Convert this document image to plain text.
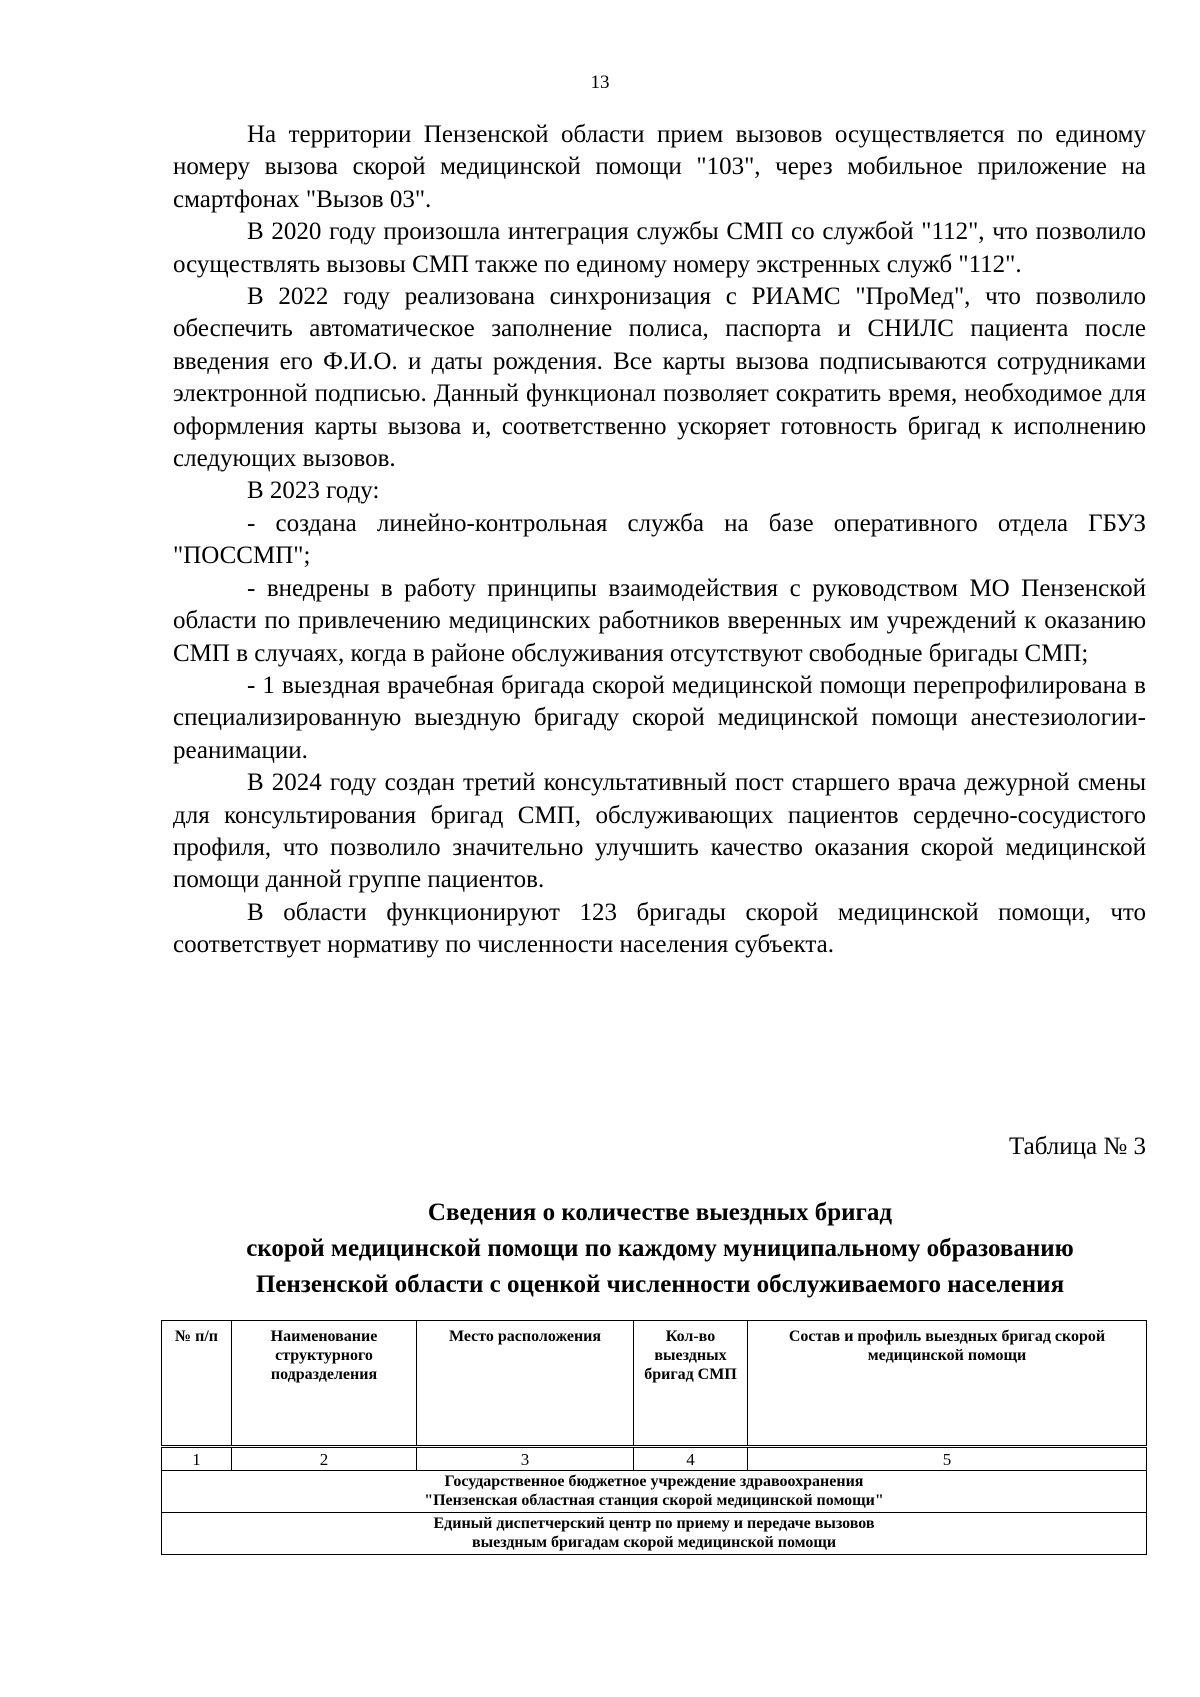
13

На территории Пензенской области прием вызовов осуществляется по единому номеру вызова скорой медицинской помощи "103", через мобильное приложение на смартфонах "Вызов 03".

В 2020 году произошла интеграция службы СМП со службой "112", что позволило осуществлять вызовы СМП также по единому номеру экстренных служб "112".

В 2022 году реализована синхронизация с РИАМС "ПроМед", что позволило обеспечить автоматическое заполнение полиса, паспорта и СНИЛС пациента после введения его Ф.И.О. и даты рождения. Все карты вызова подписываются сотрудниками электронной подписью. Данный функционал позволяет сократить время, необходимое для оформления карты вызова и, соответственно ускоряет готовность бригад к исполнению следующих вызовов.

В 2023 году:

- создана линейно-контрольная служба на базе оперативного отдела ГБУЗ "ПОССМП";

- внедрены в работу принципы взаимодействия с руководством МО Пензенской области по привлечению медицинских работников вверенных им учреждений к оказанию СМП в случаях, когда в районе обслуживания отсутствуют свободные бригады СМП;

- 1 выездная врачебная бригада скорой медицинской помощи перепрофилирована в специализированную выездную бригаду скорой медицинской помощи анестезиологии-реанимации.

В 2024 году создан третий консультативный пост старшего врача дежурной смены для консультирования бригад СМП, обслуживающих пациентов сердечно-сосудистого профиля, что позволило значительно улучшить качество оказания скорой медицинской помощи данной группе пациентов.

В области функционируют 123 бригады скорой медицинской помощи, что соответствует нормативу по численности населения субъекта.

Таблица № 3
Сведения о количестве выездных бригад
скорой медицинской помощи по каждому муниципальному образованию
Пензенской области с оценкой численности обслуживаемого населения
№ п/п	Наименование структурного подразделения	Место расположения	Кол-во выездных бригад СМП	Состав и профиль выездных бригад скорой медицинской помощи
1	2	3	4	5

Государственное бюджетное учреждение здравоохранения
"Пензенская областная станция скорой медицинской помощи"

Единый диспетчерский центр по приему и передаче вызовов
выездным бригадам скорой медицинской помощи
